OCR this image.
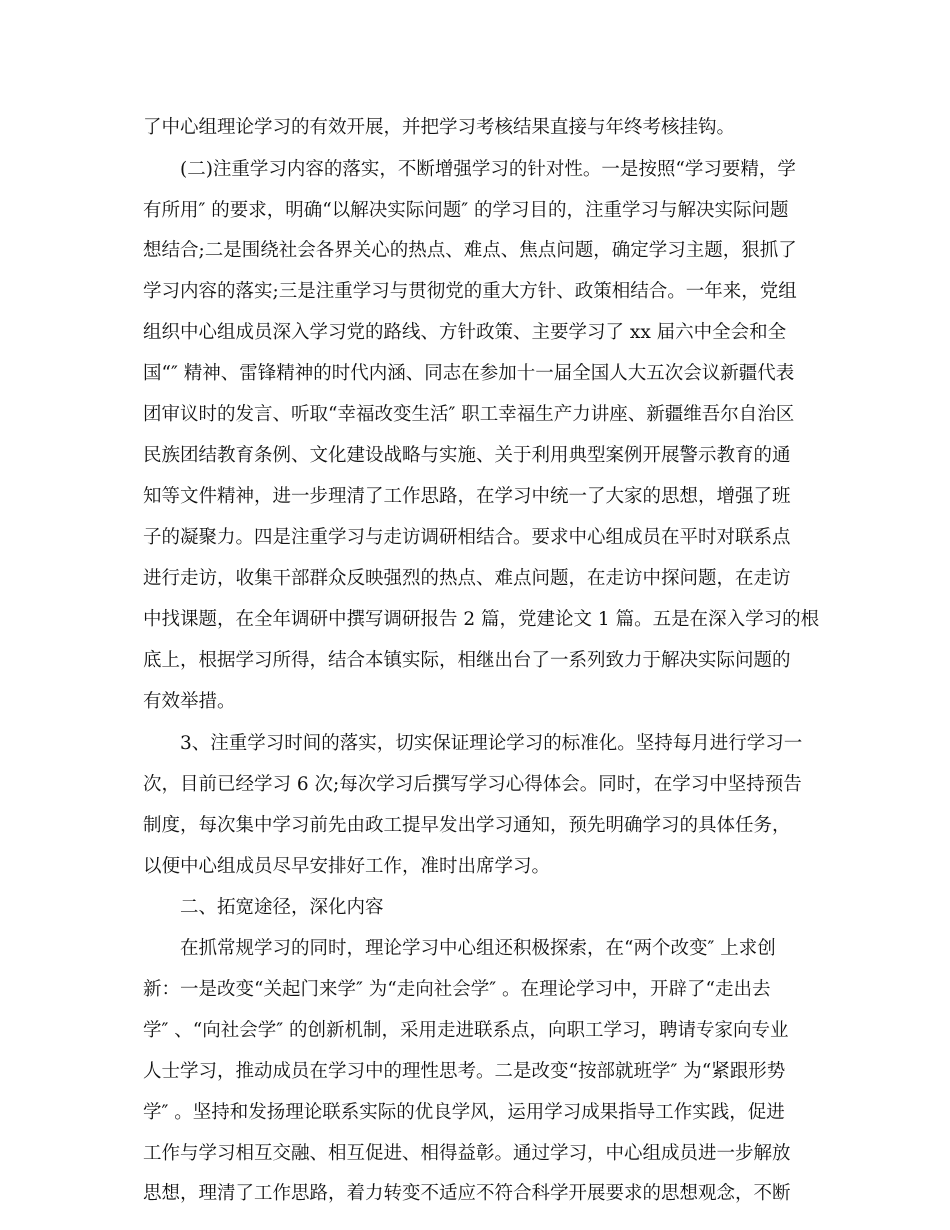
了中心组理论学习的有效开展，并把学习考核结果直接与年终考核挂钩。
(二)注重学习内容的落实，不断增强学习的针对性。一是按照“学习要精，学
有所用″ 的要求，明确“以解决实际问题″ 的学习目的，注重学习与解决实际问题
想结合;二是围绕社会各界关心的热点、难点、焦点问题，确定学习主题，狠抓了
学习内容的落实;三是注重学习与贯彻党的重大方针、政策相结合。一年来，党组
组织中心组成员深入学习党的路线、方针政策、主要学习了 xx 届六中全会和全
国“″ 精神、雷锋精神的时代内涵、同志在参加十一届全国人大五次会议新疆代表
团审议时的发言、听取“幸福改变生活″ 职工幸福生产力讲座、新疆维吾尔自治区
民族团结教育条例、文化建设战略与实施、关于利用典型案例开展警示教育的通
知等文件精神，进一步理清了工作思路，在学习中统一了大家的思想，增强了班
子的凝聚力。四是注重学习与走访调研相结合。要求中心组成员在平时对联系点
进行走访，收集干部群众反映强烈的热点、难点问题，在走访中探问题，在走访
中找课题，在全年调研中撰写调研报告 2 篇，党建论文 1 篇。五是在深入学习的根
底上，根据学习所得，结合本镇实际，相继出台了一系列致力于解决实际问题的
有效举措。
3、注重学习时间的落实，切实保证理论学习的标准化。坚持每月进行学习一
次，目前已经学习 6 次;每次学习后撰写学习心得体会。同时，在学习中坚持预告
制度，每次集中学习前先由政工提早发出学习通知，预先明确学习的具体任务，
以便中心组成员尽早安排好工作，准时出席学习。
二、拓宽途径，深化内容
在抓常规学习的同时，理论学习中心组还积极探索，在“两个改变″ 上求创
新：一是改变“关起门来学″ 为“走向社会学″ 。在理论学习中，开辟了“走出去
学″ 、“向社会学″ 的创新机制，采用走进联系点，向职工学习，聘请专家向专业
人士学习，推动成员在学习中的理性思考。二是改变“按部就班学″ 为“紧跟形势
学″ 。坚持和发扬理论联系实际的优良学风，运用学习成果指导工作实践，促进
工作与学习相互交融、相互促进、相得益彰。通过学习，中心组成员进一步解放
思想，理清了工作思路，着力转变不适应不符合科学开展要求的思想观念，不断
